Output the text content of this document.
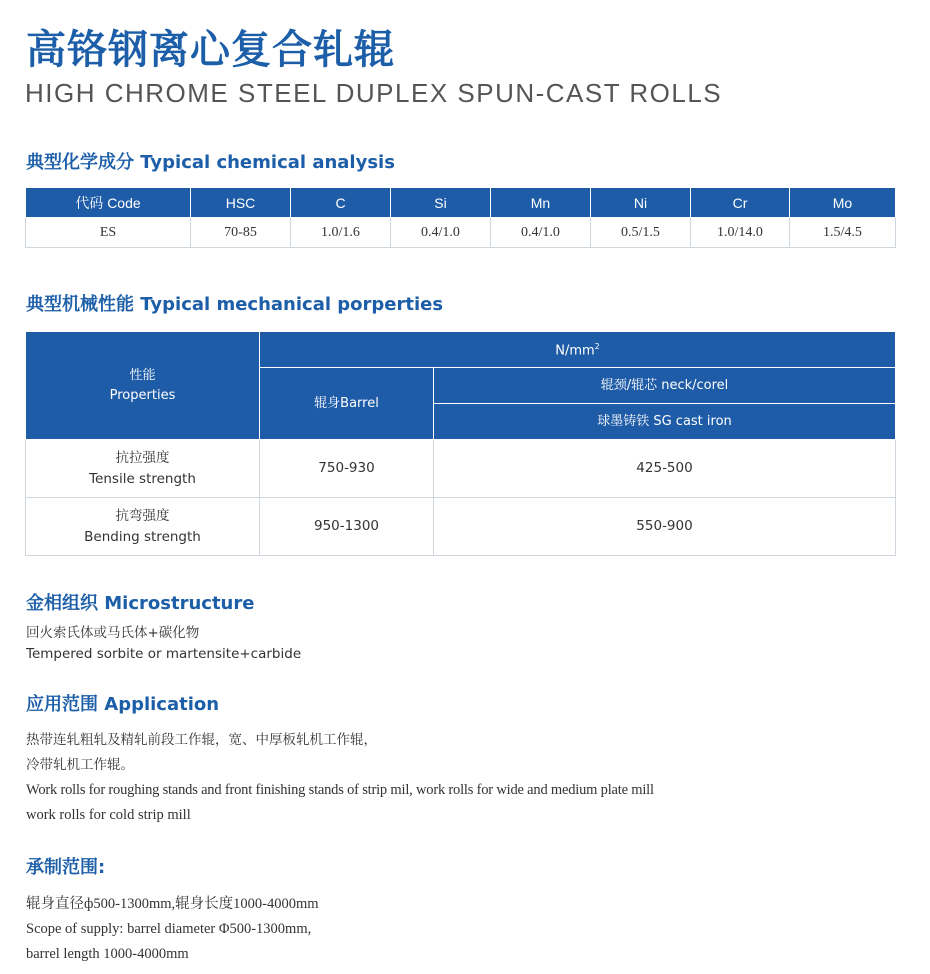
高铬钢离心复合轧辊
HIGH CHROME STEEL DUPLEX SPUN-CAST ROLLS
典型化学成分 Typical chemical analysis
代码 Code	HSC	C	Si	Mn	Ni	Cr	Mo
ES	70-85	1.0/1.6	0.4/1.0	0.4/1.0	0.5/1.5	1.0/14.0	1.5/4.5
典型机械性能 Typical mechanical porperties
性能
Properties	$N/mm^2$
	辊身Barrel	辊颈/辊芯 neck/corel
		球墨铸铁 SG cast iron

抗拉强度
Tensile strength	750-930	425-500

抗弯强度
Bending strength	950-1300	550-900
金相组织 Microstructure
回火索氏体或马氏体+碳化物
Tempered sorbite or martensite+carbide
应用范围 Application
热带连轧粗轧及精轧前段工作辊，宽、中厚板轧机工作辊，
冷带轧机工作辊。
Work rolls for roughing stands and front finishing stands of strip mil, work rolls for wide and medium plate mill
work rolls for cold strip mill
承制范围:
辊身直径ф500-1300mm,辊身长度1000-4000mm
Scope of supply: barrel diameter Φ500-1300mm,
barrel length 1000-4000mm
